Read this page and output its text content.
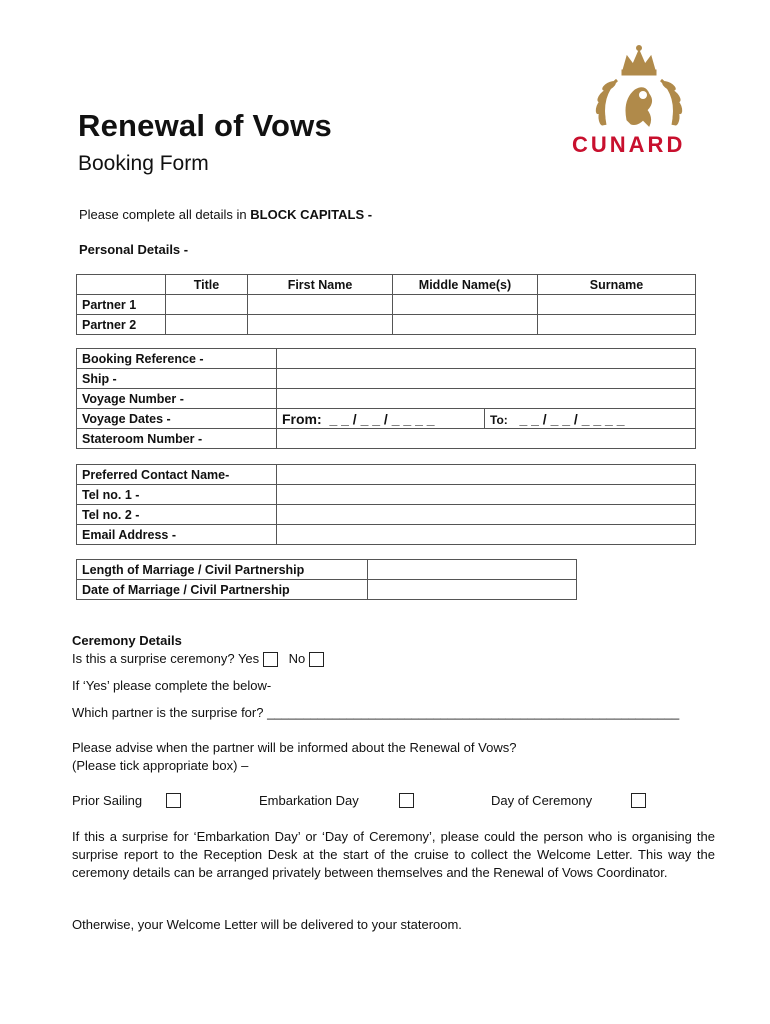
Renewal of Vows
Booking Form
CUNARD
Please complete all details in BLOCK CAPITALS -
Personal Details -
	Title	First Name	Middle Name(s)	Surname
Partner 1				
Partner 2				
Booking Reference -		
Ship -		
Voyage Number -		
Voyage Dates -	From: _ _ / _ _ / _ _ _ _	To: _ _ / _ _ / _ _ _ _
Stateroom Number -		
Preferred Contact Name-	
Tel no. 1 -	
Tel no. 2 -	
Email Address -	
Length of Marriage / Civil Partnership	
Date of Marriage / Civil Partnership	
Ceremony Details
Is this a surprise ceremony? Yes No
If ‘Yes’ please complete the below-
Which partner is the surprise for? _________________________________________________________
Please advise when the partner will be informed about the Renewal of Vows?
(Please tick appropriate box) –
Prior Sailing	Embarkation Day	Day of Ceremony
If this a surprise for ‘Embarkation Day’ or ‘Day of Ceremony’, please could the person who is organising the surprise report to the Reception Desk at the start of the cruise to collect the Welcome Letter. This way the ceremony details can be arranged privately between themselves and the Renewal of Vows Coordinator.
Otherwise, your Welcome Letter will be delivered to your stateroom.
